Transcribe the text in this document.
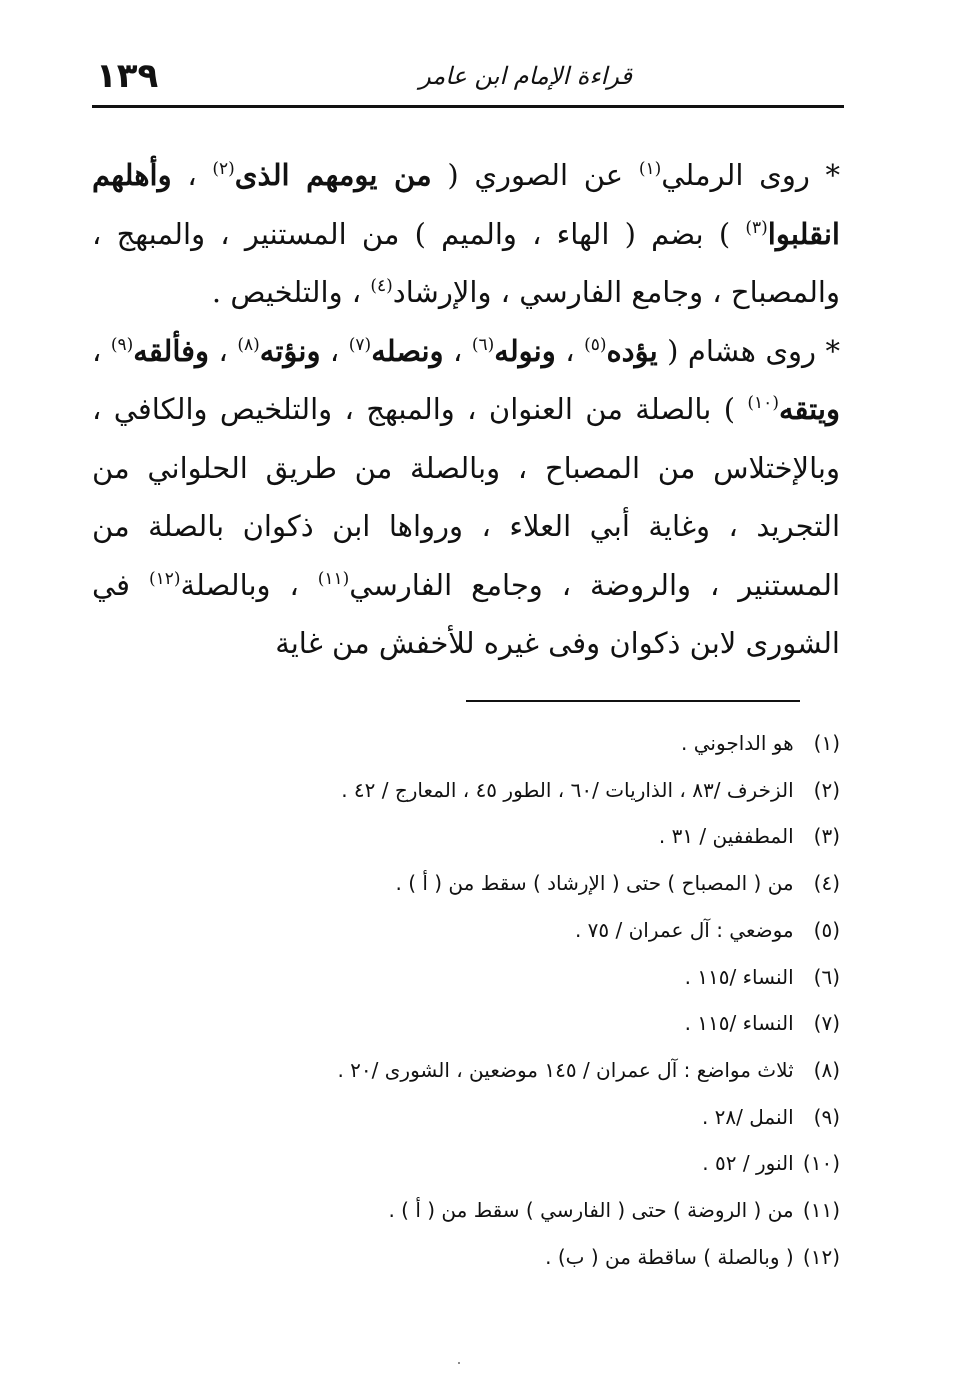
قراءة الإمام ابن عامر
١٣٩

* روى الرملي$^{(١)}$ عن الصوري ( من يومهم الذى$^{(٢)}$ ، وأهلهم انقلبوا$^{(٣)}$ ) بضم ( الهاء ، والميم ) من المستنير ، والمبهج ، والمصباح ، وجامع الفارسي ، والإرشاد$^{(٤)}$ ، والتلخيص .

* روى هشام ( يؤده$^{(٥)}$ ، ونوله$^{(٦)}$ ، ونصله$^{(٧)}$ ، ونؤته$^{(٨)}$ ، وفألقه$^{(٩)}$ ، ويتقه$^{(١٠)}$ ) بالصلة من العنوان ، والمبهج ، والتلخيص والكافي ، وبالإختلاس من المصباح ، وبالصلة من طريق الحلواني من التجريد ، وغاية أبي العلاء ، ورواها ابن ذكوان بالصلة من المستنير ، والروضة ، وجامع الفارسي$^{(١١)}$ ، وبالصلة$^{(١٢)}$ في الشورى لابن ذكوان وفى غيره للأخفش من غاية

(١) هو الداجوني .

(٢) الزخرف /٨٣ ، الذاريات /٦٠ ، الطور ٤٥ ، المعارج / ٤٢ .

(٣) المطففين / ٣١ .

(٤) من ( المصباح ) حتى ( الإرشاد ) سقط من ( أ ) .

(٥) موضعي : آل عمران / ٧٥ .

(٦) النساء /١١٥ .

(٧) النساء /١١٥ .

(٨) ثلاث مواضع : آل عمران / ١٤٥ موضعين ، الشورى /٢٠ .

(٩) النمل /٢٨ .

(١٠) النور / ٥٢ .

(١١) من ( الروضة ) حتى ( الفارسي ) سقط من ( أ ) .

(١٢) ( وبالصلة ) ساقطة من ( ب) .
